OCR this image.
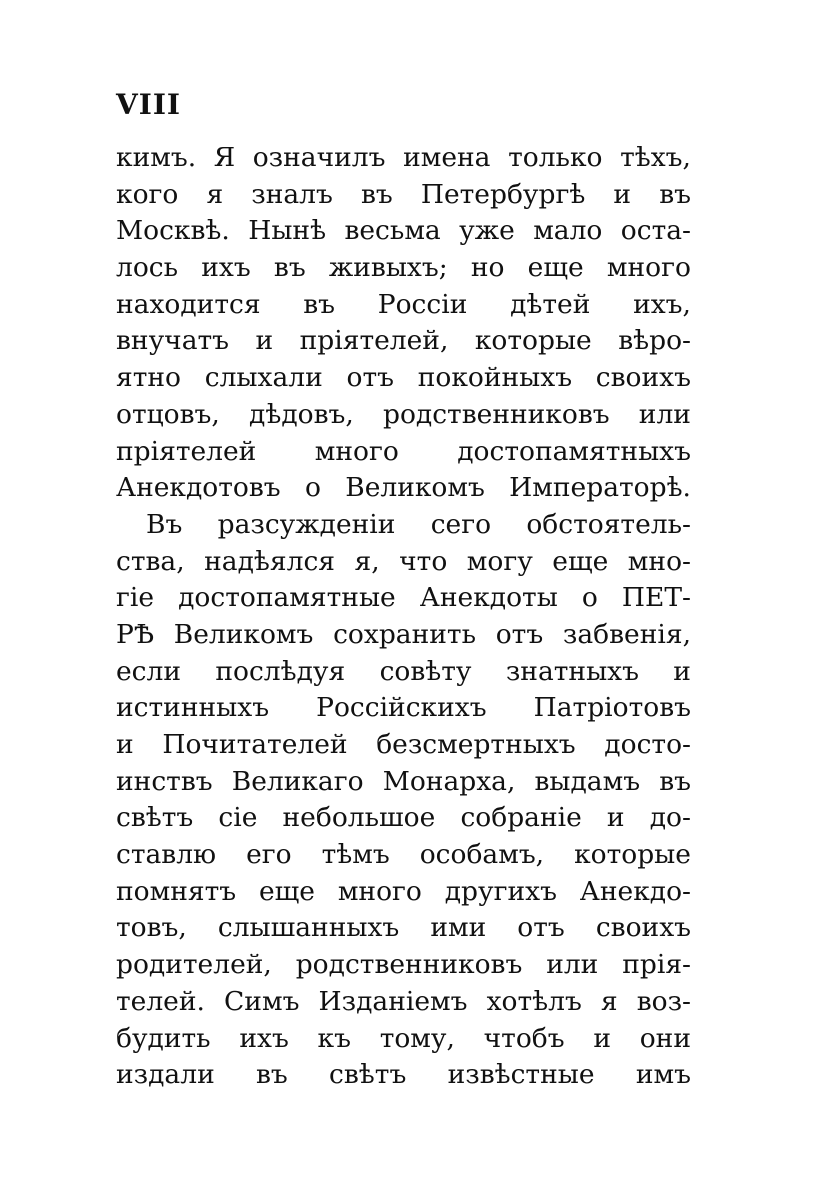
VIII
кимъ. Я означилъ имена только тѣхъ,
кого я зналъ въ Петербургѣ и въ
Москвѣ. Нынѣ весьма уже мало оста-
лось ихъ въ живыхъ; но еще много
находится въ Россіи дѣтей ихъ,
внучатъ и пріятелей, которые вѣро-
ятно слыхали отъ покойныхъ своихъ
отцовъ, дѣдовъ, родственниковъ или
пріятелей много достопамятныхъ
Анекдотовъ о Великомъ Императорѣ.
Въ разсужденіи сего обстоятель-
ства, надѣялся я, что могу еще мно-
гіе достопамятные Анекдоты о ПЕТ-
РѢ Великомъ сохранить отъ забвенія,
если послѣдуя совѣту знатныхъ и
истинныхъ Россійскихъ Патріотовъ
и Почитателей безсмертныхъ досто-
инствъ Великаго Монарха, выдамъ въ
свѣтъ сіе небольшое собраніе и до-
ставлю его тѣмъ особамъ, которые
помнятъ еще много другихъ Анекдо-
товъ, слышанныхъ ими отъ своихъ
родителей, родственниковъ или прія-
телей. Симъ Изданіемъ хотѣлъ я воз-
будить ихъ къ тому, чтобъ и они
издали въ свѣтъ извѣстные имъ
